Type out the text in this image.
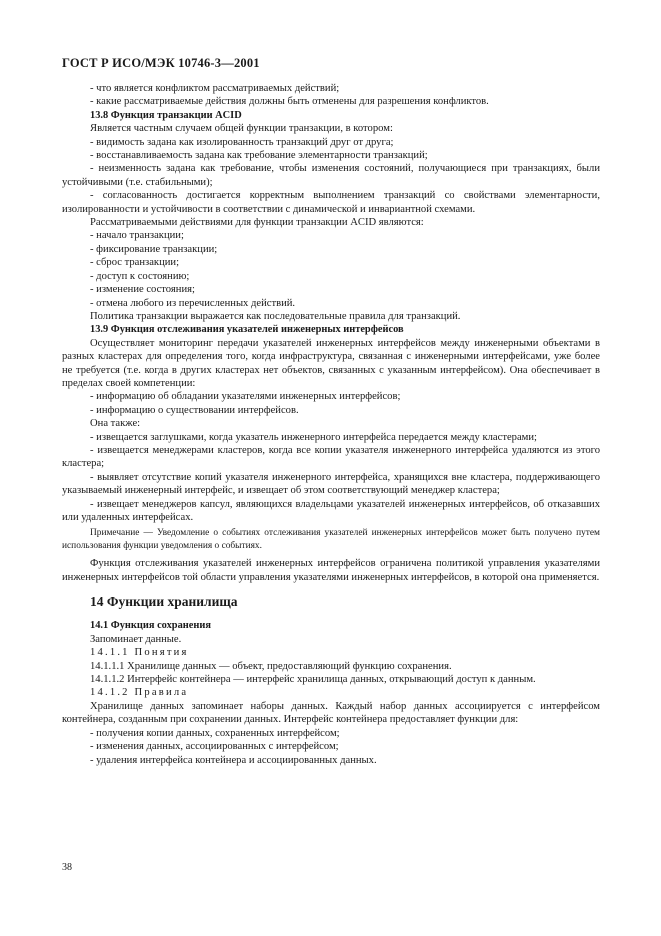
ГОСТ Р ИСО/МЭК 10746-3—2001

- что является конфликтом рассматриваемых действий;

- какие рассматриваемые действия должны быть отменены для разрешения конфликтов.

13.8 Функция транзакции ACID

Является частным случаем общей функции транзакции, в котором:

- видимость задана как изолированность транзакций друг от друга;

- восстанавливаемость задана как требование элементарности транзакций;

- неизменность задана как требование, чтобы изменения состояний, получающиеся при транзакциях, были устойчивыми (т.е. стабильными);

- согласованность достигается корректным выполнением транзакций со свойствами элементарности, изолированности и устойчивости в соответствии с динамической и инвариантной схемами.

Рассматриваемыми действиями для функции транзакции ACID являются:

- начало транзакции;

- фиксирование транзакции;

- сброс транзакции;

- доступ к состоянию;

- изменение состояния;

- отмена любого из перечисленных действий.

Политика транзакции выражается как последовательные правила для транзакций.

13.9 Функция отслеживания указателей инженерных интерфейсов

Осуществляет мониторинг передачи указателей инженерных интерфейсов между инженерными объектами в разных кластерах для определения того, когда инфраструктура, связанная с инженерными интерфейсами, уже более не требуется (т.е. когда в других кластерах нет объектов, связанных с указанным интерфейсом). Она обеспечивает в пределах своей компетенции:

- информацию об обладании указателями инженерных интерфейсов;

- информацию о существовании интерфейсов.

Она также:

- извещается заглушками, когда указатель инженерного интерфейса передается между кластерами;

- извещается менеджерами кластеров, когда все копии указателя инженерного интерфейса удаляются из этого кластера;

- выявляет отсутствие копий указателя инженерного интерфейса, хранящихся вне кластера, поддерживающего указываемый инженерный интерфейс, и извещает об этом соответствующий менеджер кластера;

- извещает менеджеров капсул, являющихся владельцами указателей инженерных интерфейсов, об отказавших или удаленных интерфейсах.

Примечание — Уведомление о событиях отслеживания указателей инженерных интерфейсов может быть получено путем использования функции уведомления о событиях.

Функция отслеживания указателей инженерных интерфейсов ограничена политикой управления указателями инженерных интерфейсов той области управления указателями инженерных интерфейсов, в которой она применяется.

14 Функции хранилища

14.1 Функция сохранения

Запоминает данные.

14.1.1 Понятия

14.1.1.1 Хранилище данных — объект, предоставляющий функцию сохранения.

14.1.1.2 Интерфейс контейнера — интерфейс хранилища данных, открывающий доступ к данным.

14.1.2 Правила

Хранилище данных запоминает наборы данных. Каждый набор данных ассоциируется с интерфейсом контейнера, созданным при сохранении данных. Интерфейс контейнера предоставляет функции для:

- получения копии данных, сохраненных интерфейсом;

- изменения данных, ассоциированных с интерфейсом;

- удаления интерфейса контейнера и ассоциированных данных.

38
